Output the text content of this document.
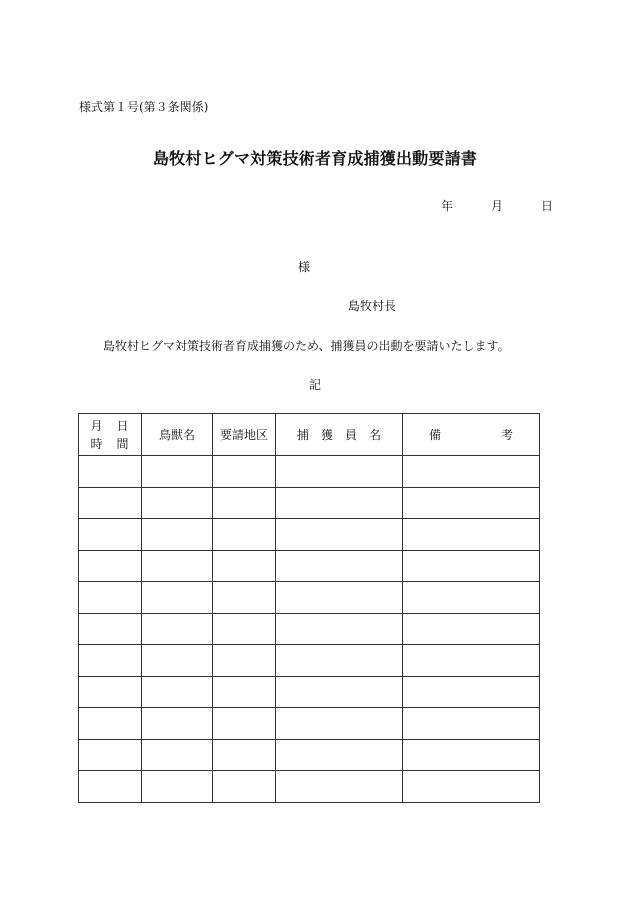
様式第１号(第３条関係)
島牧村ヒグマ対策技術者育成捕獲出動要請書
年	月	日
様
島牧村長
島牧村ヒグマ対策技術者育成捕獲のため、捕獲員の出動を要請いたします。
記
月　日
時　間	鳥獣名	要請地区	捕　獲　員　名	備 考
